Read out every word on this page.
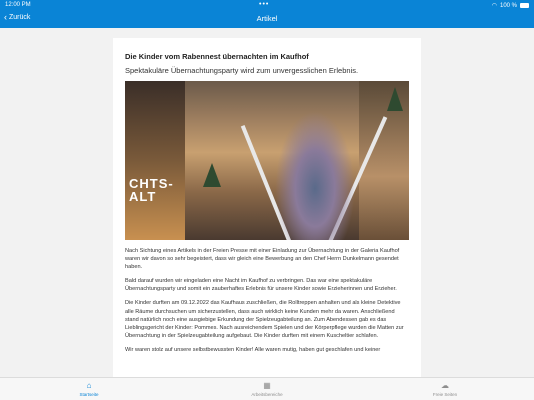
12:00 PM	•••	◠ 100 %
‹ Zurück	Artikel
Die Kinder vom Rabennest übernachten im Kaufhof
Spektakuläre Übernachtungsparty wird zum unvergesslichen Erlebnis.
CHTS-
ALT

Nach Sichtung eines Artikels in der Freien Presse mit einer Einladung zur Übernachtung in der Galeria Kaufhof waren wir davon so sehr begeistert, dass wir gleich eine Bewerbung an den Chef Herrn Dunkelmann gesendet haben.

Bald darauf wurden wir eingeladen eine Nacht im Kaufhof zu verbringen. Das war eine spektakuläre Übernachtungsparty und somit ein zauberhaftes Erlebnis für unsere Kinder sowie Erzieherinnen und Erzieher.

Die Kinder durften am 09.12.2022 das Kaufhaus zuschließen, die Rolltreppen anhalten und als kleine Detektive alle Räume durchsuchen um sicherzustellen, dass auch wirklich keine Kunden mehr da waren. Anschließend stand natürlich noch eine ausgiebige Erkundung der Spielzeugabteilung an. Zum Abendessen gab es das Lieblingsgericht der Kinder: Pommes. Nach ausreichendem Spielen und der Körperpflege wurden die Matten zur Übernachtung in der Spielzeugabteilung aufgebaut. Die Kinder durften mit einem Kuscheltier schlafen.

Wir waren stolz auf unsere selbstbewussten Kinder! Alle waren mutig, haben gut geschlafen und keiner

⌂
Startseite
▦
Arbeitsbereiche
☁
Freie Seiten
